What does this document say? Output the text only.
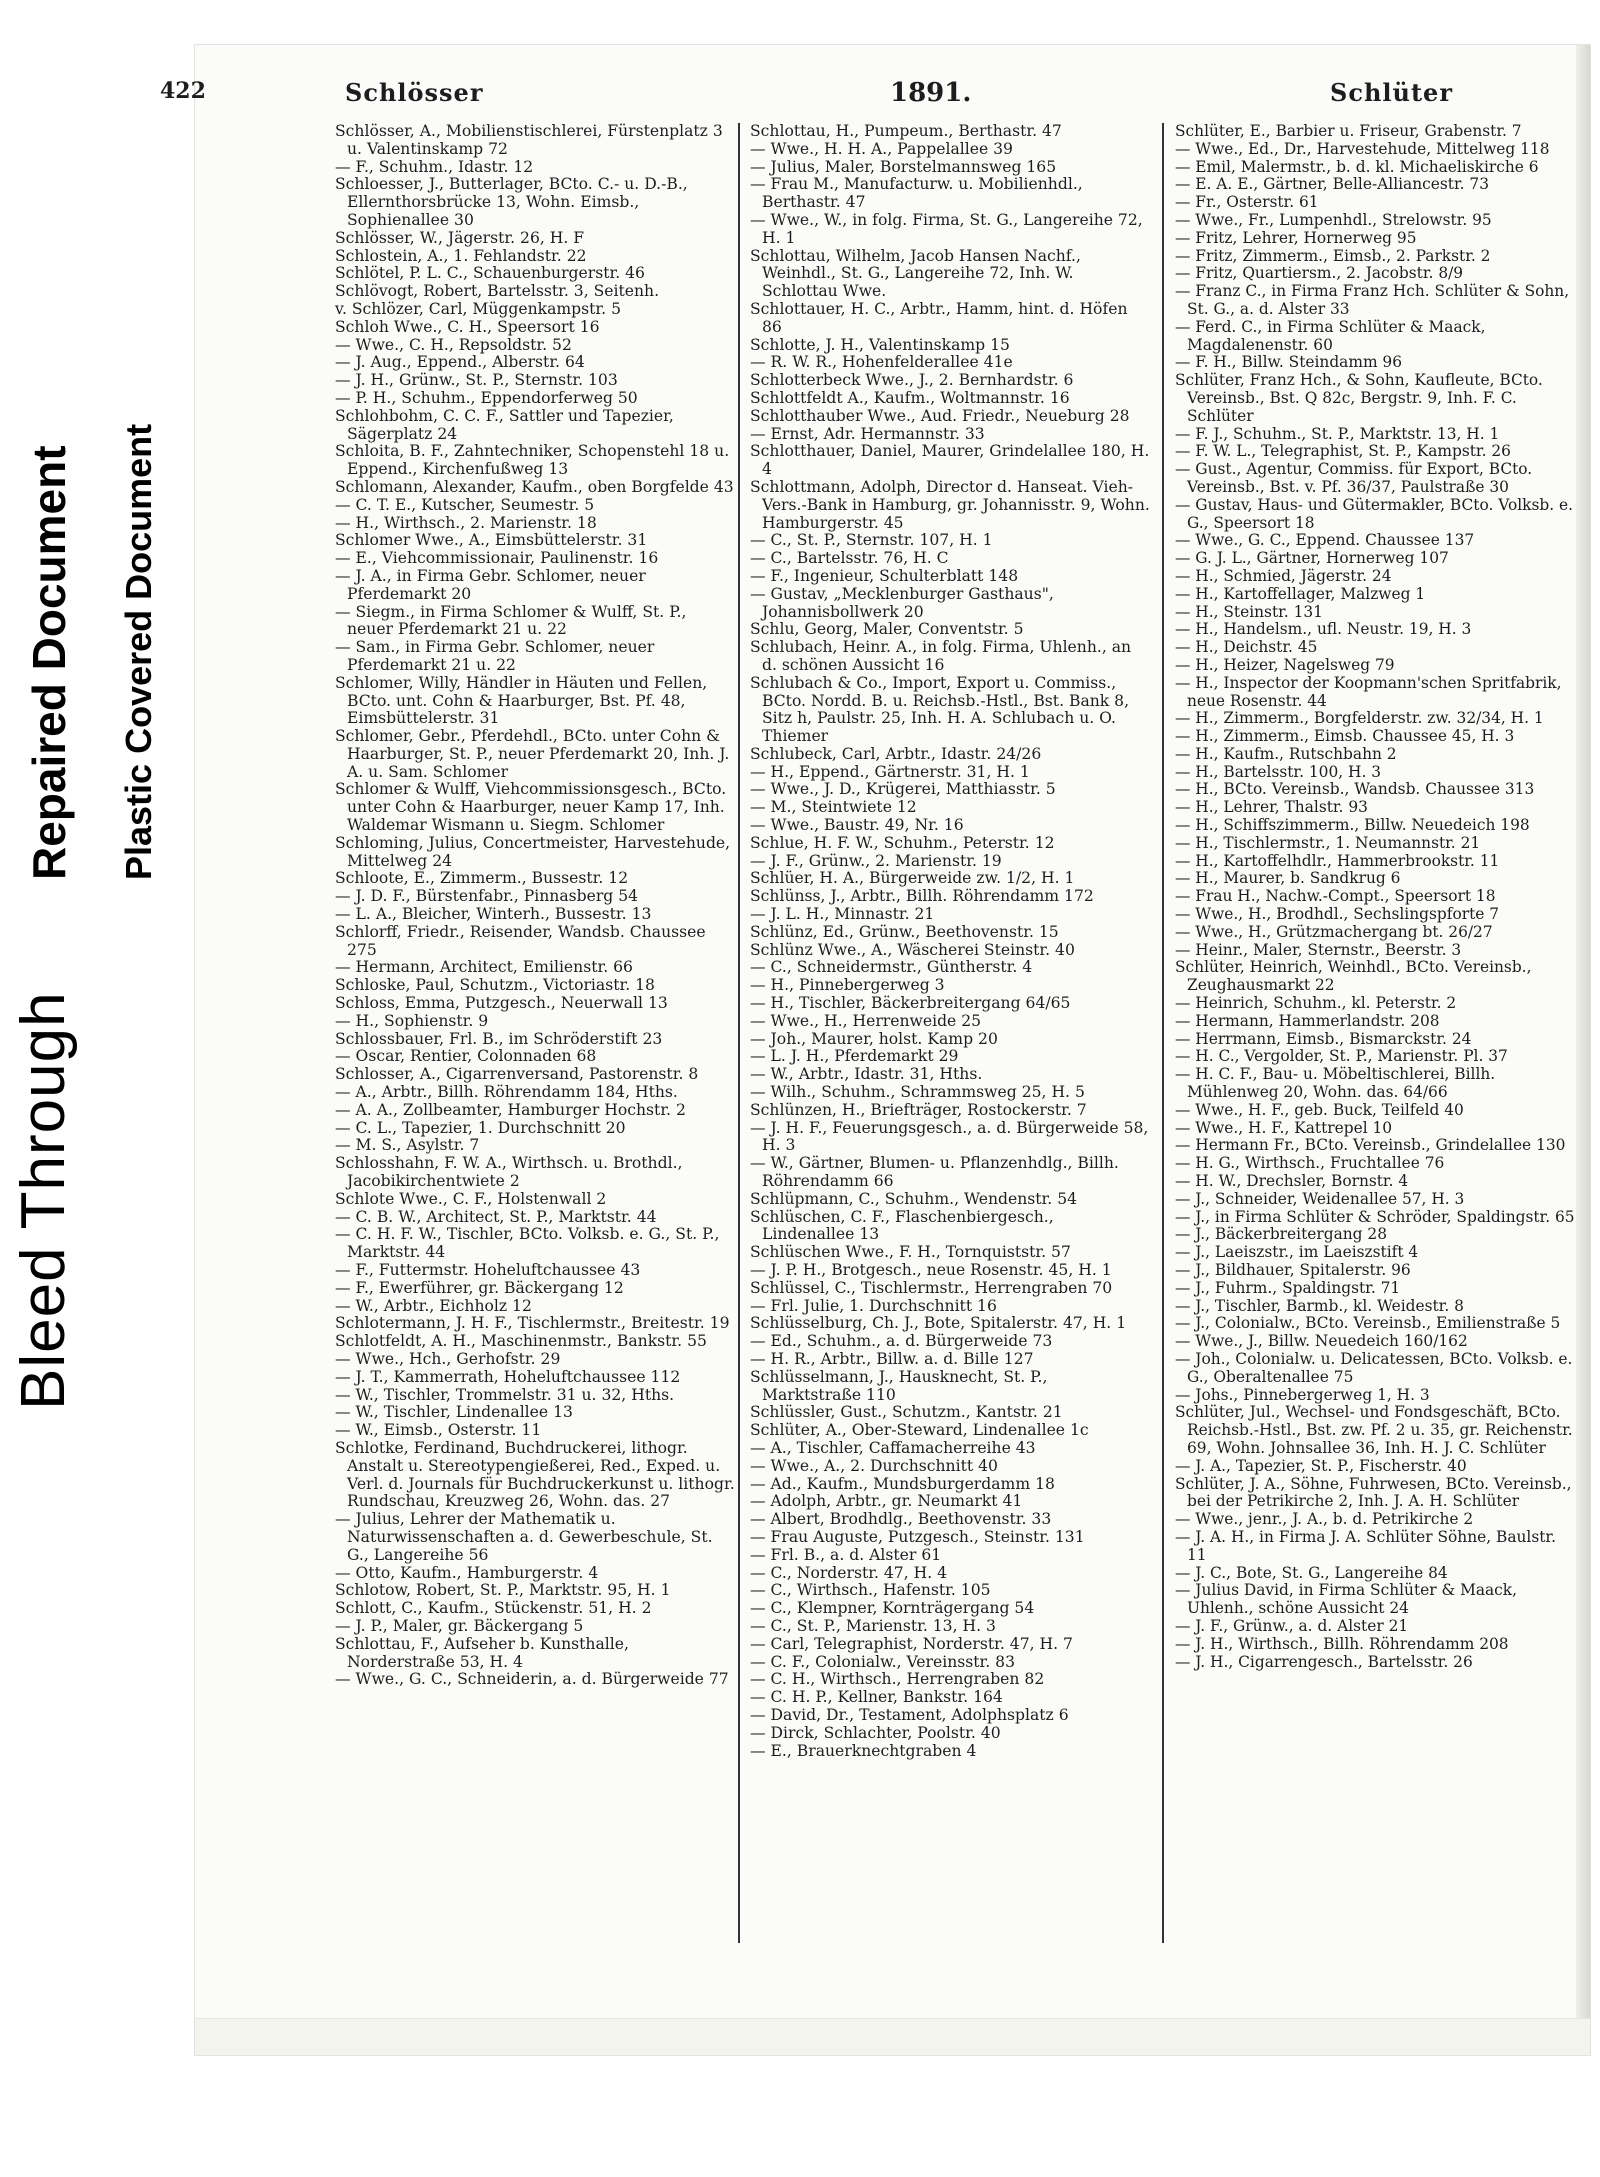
Bleed Through
Repaired Document Plastic Covered Document
422	Schlösser	1891.	Schlüter

Schlösser, A., Mobilienstischlerei, Fürstenplatz 3 u. Valentinskamp 72

— F., Schuhm., Idastr. 12

Schloesser, J., Butterlager, BCto. C.- u. D.-B., Ellernthorsbrücke 13, Wohn. Eimsb., Sophienallee 30

Schlösser, W., Jägerstr. 26, H. F

Schlostein, A., 1. Fehlandstr. 22

Schlötel, P. L. C., Schauenburgerstr. 46

Schlövogt, Robert, Bartelsstr. 3, Seitenh.

v. Schlözer, Carl, Müggenkampstr. 5

Schloh Wwe., C. H., Speersort 16

— Wwe., C. H., Repsoldstr. 52

— J. Aug., Eppend., Alberstr. 64

— J. H., Grünw., St. P., Sternstr. 103

— P. H., Schuhm., Eppendorferweg 50

Schlohbohm, C. C. F., Sattler und Tapezier, Sägerplatz 24

Schloita, B. F., Zahntechniker, Schopenstehl 18 u. Eppend., Kirchenfußweg 13

Schlomann, Alexander, Kaufm., oben Borgfelde 43

— C. T. E., Kutscher, Seumestr. 5

— H., Wirthsch., 2. Marienstr. 18

Schlomer Wwe., A., Eimsbüttelerstr. 31

— E., Viehcommissionair, Paulinenstr. 16

— J. A., in Firma Gebr. Schlomer, neuer Pferdemarkt 20

— Siegm., in Firma Schlomer & Wulff, St. P., neuer Pferdemarkt 21 u. 22

— Sam., in Firma Gebr. Schlomer, neuer Pferdemarkt 21 u. 22

Schlomer, Willy, Händler in Häuten und Fellen, BCto. unt. Cohn & Haarburger, Bst. Pf. 48, Eimsbüttelerstr. 31

Schlomer, Gebr., Pferdehdl., BCto. unter Cohn & Haarburger, St. P., neuer Pferdemarkt 20, Inh. J. A. u. Sam. Schlomer

Schlomer & Wulff, Viehcommissionsgesch., BCto. unter Cohn & Haarburger, neuer Kamp 17, Inh. Waldemar Wismann u. Siegm. Schlomer

Schloming, Julius, Concertmeister, Harvestehude, Mittelweg 24

Schloote, E., Zimmerm., Bussestr. 12

— J. D. F., Bürstenfabr., Pinnasberg 54

— L. A., Bleicher, Winterh., Bussestr. 13

Schlorff, Friedr., Reisender, Wandsb. Chaussee 275

— Hermann, Architect, Emilienstr. 66

Schloske, Paul, Schutzm., Victoriastr. 18

Schloss, Emma, Putzgesch., Neuerwall 13

— H., Sophienstr. 9

Schlossbauer, Frl. B., im Schröderstift 23

— Oscar, Rentier, Colonnaden 68

Schlosser, A., Cigarrenversand, Pastorenstr. 8

— A., Arbtr., Billh. Röhrendamm 184, Hths.

— A. A., Zollbeamter, Hamburger Hochstr. 2

— C. L., Tapezier, 1. Durchschnitt 20

— M. S., Asylstr. 7

Schlosshahn, F. W. A., Wirthsch. u. Brothdl., Jacobikirchentwiete 2

Schlote Wwe., C. F., Holstenwall 2

— C. B. W., Architect, St. P., Marktstr. 44

— C. H. F. W., Tischler, BCto. Volksb. e. G., St. P., Marktstr. 44

— F., Futtermstr. Hoheluftchaussee 43

— F., Ewerführer, gr. Bäckergang 12

— W., Arbtr., Eichholz 12

Schlotermann, J. H. F., Tischlermstr., Breitestr. 19

Schlotfeldt, A. H., Maschinenmstr., Bankstr. 55

— Wwe., Hch., Gerhofstr. 29

— J. T., Kammerrath, Hoheluftchaussee 112

— W., Tischler, Trommelstr. 31 u. 32, Hths.

— W., Tischler, Lindenallee 13

— W., Eimsb., Osterstr. 11

Schlotke, Ferdinand, Buchdruckerei, lithogr. Anstalt u. Stereotypengießerei, Red., Exped. u. Verl. d. Journals für Buchdruckerkunst u. lithogr. Rundschau, Kreuzweg 26, Wohn. das. 27

— Julius, Lehrer der Mathematik u. Naturwissenschaften a. d. Gewerbeschule, St. G., Langereihe 56

— Otto, Kaufm., Hamburgerstr. 4

Schlotow, Robert, St. P., Marktstr. 95, H. 1

Schlott, C., Kaufm., Stückenstr. 51, H. 2

— J. P., Maler, gr. Bäckergang 5

Schlottau, F., Aufseher b. Kunsthalle, Norderstraße 53, H. 4

— Wwe., G. C., Schneiderin, a. d. Bürgerweide 77

Schlottau, H., Pumpeum., Berthastr. 47

— Wwe., H. H. A., Pappelallee 39

— Julius, Maler, Borstelmannsweg 165

— Frau M., Manufacturw. u. Mobilienhdl., Berthastr. 47

— Wwe., W., in folg. Firma, St. G., Langereihe 72, H. 1

Schlottau, Wilhelm, Jacob Hansen Nachf., Weinhdl., St. G., Langereihe 72, Inh. W. Schlottau Wwe.

Schlottauer, H. C., Arbtr., Hamm, hint. d. Höfen 86

Schlotte, J. H., Valentinskamp 15

— R. W. R., Hohenfelderallee 41e

Schlotterbeck Wwe., J., 2. Bernhardstr. 6

Schlottfeldt A., Kaufm., Woltmannstr. 16

Schlotthauber Wwe., Aud. Friedr., Neueburg 28

— Ernst, Adr. Hermannstr. 33

Schlotthauer, Daniel, Maurer, Grindelallee 180, H. 4

Schlottmann, Adolph, Director d. Hanseat. Vieh-Vers.-Bank in Hamburg, gr. Johannisstr. 9, Wohn. Hamburgerstr. 45

— C., St. P., Sternstr. 107, H. 1

— C., Bartelsstr. 76, H. C

— F., Ingenieur, Schulterblatt 148

— Gustav, „Mecklenburger Gasthaus", Johannisbollwerk 20

Schlu, Georg, Maler, Conventstr. 5

Schlubach, Heinr. A., in folg. Firma, Uhlenh., an d. schönen Aussicht 16

Schlubach & Co., Import, Export u. Commiss., BCto. Nordd. B. u. Reichsb.-Hstl., Bst. Bank 8, Sitz h, Paulstr. 25, Inh. H. A. Schlubach u. O. Thiemer

Schlubeck, Carl, Arbtr., Idastr. 24/26

— H., Eppend., Gärtnerstr. 31, H. 1

— Wwe., J. D., Krügerei, Matthiasstr. 5

— M., Steintwiete 12

— Wwe., Baustr. 49, Nr. 16

Schlue, H. F. W., Schuhm., Peterstr. 12

— J. F., Grünw., 2. Marienstr. 19

Schlüer, H. A., Bürgerweide zw. 1/2, H. 1

Schlünss, J., Arbtr., Billh. Röhrendamm 172

— J. L. H., Minnastr. 21

Schlünz, Ed., Grünw., Beethovenstr. 15

Schlünz Wwe., A., Wäscherei Steinstr. 40

— C., Schneidermstr., Güntherstr. 4

— H., Pinnebergerweg 3

— H., Tischler, Bäckerbreitergang 64/65

— Wwe., H., Herrenweide 25

— Joh., Maurer, holst. Kamp 20

— L. J. H., Pferdemarkt 29

— W., Arbtr., Idastr. 31, Hths.

— Wilh., Schuhm., Schrammsweg 25, H. 5

Schlünzen, H., Briefträger, Rostockerstr. 7

— J. H. F., Feuerungsgesch., a. d. Bürgerweide 58, H. 3

— W., Gärtner, Blumen- u. Pflanzenhdlg., Billh. Röhrendamm 66

Schlüpmann, C., Schuhm., Wendenstr. 54

Schlüschen, C. F., Flaschenbiergesch., Lindenallee 13

Schlüschen Wwe., F. H., Tornquiststr. 57

— J. P. H., Brotgesch., neue Rosenstr. 45, H. 1

Schlüssel, C., Tischlermstr., Herrengraben 70

— Frl. Julie, 1. Durchschnitt 16

Schlüsselburg, Ch. J., Bote, Spitalerstr. 47, H. 1

— Ed., Schuhm., a. d. Bürgerweide 73

— H. R., Arbtr., Billw. a. d. Bille 127

Schlüsselmann, J., Hausknecht, St. P., Marktstraße 110

Schlüssler, Gust., Schutzm., Kantstr. 21

Schlüter, A., Ober-Steward, Lindenallee 1c

— A., Tischler, Caffamacherreihe 43

— Wwe., A., 2. Durchschnitt 40

— Ad., Kaufm., Mundsburgerdamm 18

— Adolph, Arbtr., gr. Neumarkt 41

— Albert, Brodhdlg., Beethovenstr. 33

— Frau Auguste, Putzgesch., Steinstr. 131

— Frl. B., a. d. Alster 61

— C., Norderstr. 47, H. 4

— C., Wirthsch., Hafenstr. 105

— C., Klempner, Kornträgergang 54

— C., St. P., Marienstr. 13, H. 3

— Carl, Telegraphist, Norderstr. 47, H. 7

— C. F., Colonialw., Vereinsstr. 83

— C. H., Wirthsch., Herrengraben 82

— C. H. P., Kellner, Bankstr. 164

— David, Dr., Testament, Adolphsplatz 6

— Dirck, Schlachter, Poolstr. 40

— E., Brauerknechtgraben 4

Schlüter, E., Barbier u. Friseur, Grabenstr. 7

— Wwe., Ed., Dr., Harvestehude, Mittelweg 118

— Emil, Malermstr., b. d. kl. Michaeliskirche 6

— E. A. E., Gärtner, Belle-Alliancestr. 73

— Fr., Osterstr. 61

— Wwe., Fr., Lumpenhdl., Strelowstr. 95

— Fritz, Lehrer, Hornerweg 95

— Fritz, Zimmerm., Eimsb., 2. Parkstr. 2

— Fritz, Quartiersm., 2. Jacobstr. 8/9

— Franz C., in Firma Franz Hch. Schlüter & Sohn, St. G., a. d. Alster 33

— Ferd. C., in Firma Schlüter & Maack, Magdalenenstr. 60

— F. H., Billw. Steindamm 96

Schlüter, Franz Hch., & Sohn, Kaufleute, BCto. Vereinsb., Bst. Q 82c, Bergstr. 9, Inh. F. C. Schlüter

— F. J., Schuhm., St. P., Marktstr. 13, H. 1

— F. W. L., Telegraphist, St. P., Kampstr. 26

— Gust., Agentur, Commiss. für Export, BCto. Vereinsb., Bst. v. Pf. 36/37, Paulstraße 30

— Gustav, Haus- und Gütermakler, BCto. Volksb. e. G., Speersort 18

— Wwe., G. C., Eppend. Chaussee 137

— G. J. L., Gärtner, Hornerweg 107

— H., Schmied, Jägerstr. 24

— H., Kartoffellager, Malzweg 1

— H., Steinstr. 131

— H., Handelsm., ufl. Neustr. 19, H. 3

— H., Deichstr. 45

— H., Heizer, Nagelsweg 79

— H., Inspector der Koopmann'schen Spritfabrik, neue Rosenstr. 44

— H., Zimmerm., Borgfelderstr. zw. 32/34, H. 1

— H., Zimmerm., Eimsb. Chaussee 45, H. 3

— H., Kaufm., Rutschbahn 2

— H., Bartelsstr. 100, H. 3

— H., BCto. Vereinsb., Wandsb. Chaussee 313

— H., Lehrer, Thalstr. 93

— H., Schiffszimmerm., Billw. Neuedeich 198

— H., Tischlermstr., 1. Neumannstr. 21

— H., Kartoffelhdlr., Hammerbrookstr. 11

— H., Maurer, b. Sandkrug 6

— Frau H., Nachw.-Compt., Speersort 18

— Wwe., H., Brodhdl., Sechslingspforte 7

— Wwe., H., Grützmachergang bt. 26/27

— Heinr., Maler, Sternstr., Beerstr. 3

Schlüter, Heinrich, Weinhdl., BCto. Vereinsb., Zeughausmarkt 22

— Heinrich, Schuhm., kl. Peterstr. 2

— Hermann, Hammerlandstr. 208

— Herrmann, Eimsb., Bismarckstr. 24

— H. C., Vergolder, St. P., Marienstr. Pl. 37

— H. C. F., Bau- u. Möbeltischlerei, Billh. Mühlenweg 20, Wohn. das. 64/66

— Wwe., H. F., geb. Buck, Teilfeld 40

— Wwe., H. F., Kattrepel 10

— Hermann Fr., BCto. Vereinsb., Grindelallee 130

— H. G., Wirthsch., Fruchtallee 76

— H. W., Drechsler, Bornstr. 4

— J., Schneider, Weidenallee 57, H. 3

— J., in Firma Schlüter & Schröder, Spaldingstr. 65

— J., Bäckerbreitergang 28

— J., Laeiszstr., im Laeiszstift 4

— J., Bildhauer, Spitalerstr. 96

— J., Fuhrm., Spaldingstr. 71

— J., Tischler, Barmb., kl. Weidestr. 8

— J., Colonialw., BCto. Vereinsb., Emilienstraße 5

— Wwe., J., Billw. Neuedeich 160/162

— Joh., Colonialw. u. Delicatessen, BCto. Volksb. e. G., Oberaltenallee 75

— Johs., Pinnebergerweg 1, H. 3

Schlüter, Jul., Wechsel- und Fondsgeschäft, BCto. Reichsb.-Hstl., Bst. zw. Pf. 2 u. 35, gr. Reichenstr. 69, Wohn. Johnsallee 36, Inh. H. J. C. Schlüter

— J. A., Tapezier, St. P., Fischerstr. 40

Schlüter, J. A., Söhne, Fuhrwesen, BCto. Vereinsb., bei der Petrikirche 2, Inh. J. A. H. Schlüter

— Wwe., jenr., J. A., b. d. Petrikirche 2

— J. A. H., in Firma J. A. Schlüter Söhne, Baulstr. 11

— J. C., Bote, St. G., Langereihe 84

— Julius David, in Firma Schlüter & Maack, Uhlenh., schöne Aussicht 24

— J. F., Grünw., a. d. Alster 21

— J. H., Wirthsch., Billh. Röhrendamm 208

— J. H., Cigarrengesch., Bartelsstr. 26
